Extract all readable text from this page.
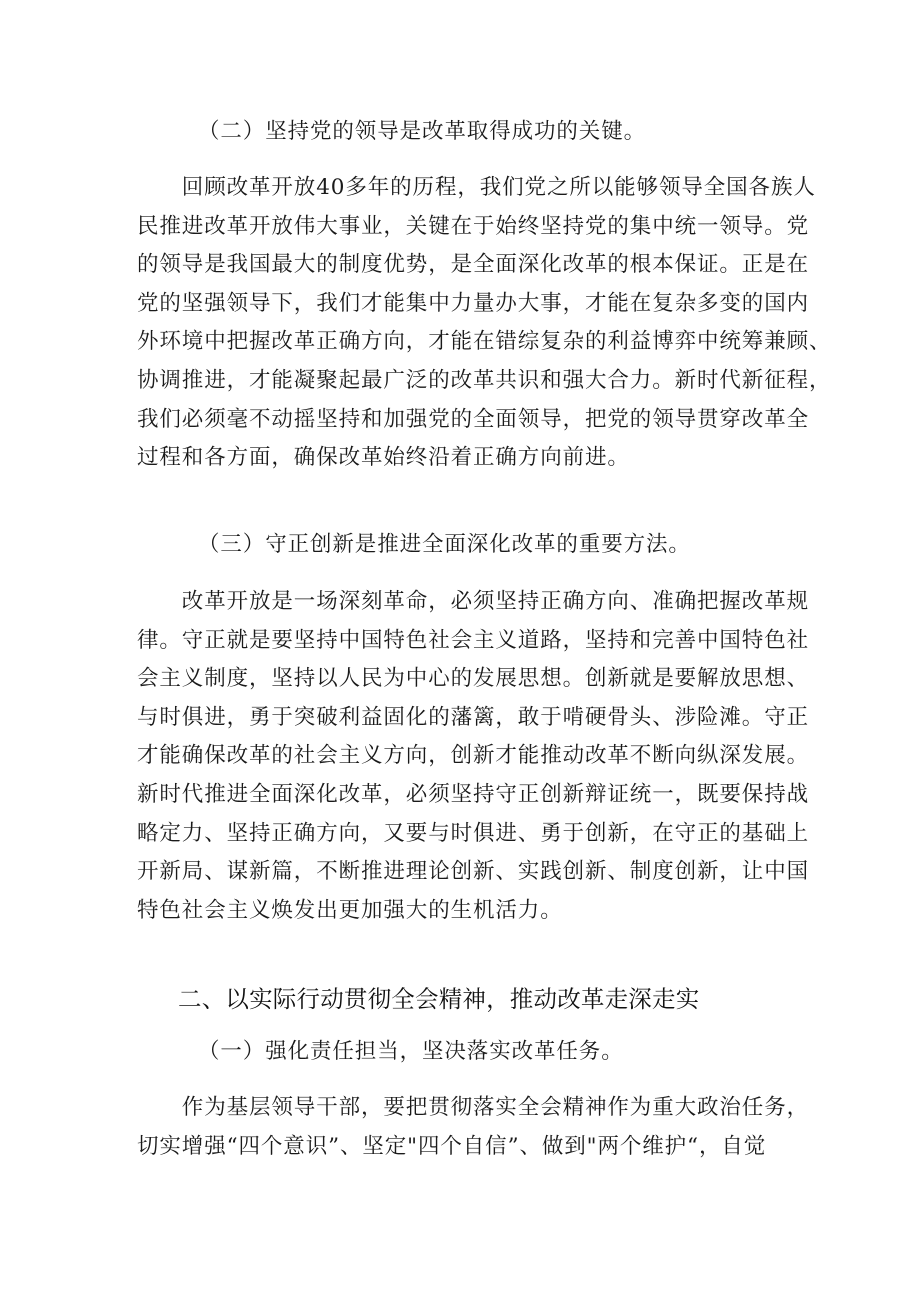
（二）坚持党的领导是改革取得成功的关键。

　　回顾改革开放40多年的历程，我们党之所以能够领导全国各族人
民推进改革开放伟大事业，关键在于始终坚持党的集中统一领导。党
的领导是我国最大的制度优势，是全面深化改革的根本保证。正是在
党的坚强领导下，我们才能集中力量办大事，才能在复杂多变的国内
外环境中把握改革正确方向，才能在错综复杂的利益博弈中统筹兼顾、
协调推进，才能凝聚起最广泛的改革共识和强大合力。新时代新征程，
我们必须毫不动摇坚持和加强党的全面领导，把党的领导贯穿改革全
过程和各方面，确保改革始终沿着正确方向前进。

（三）守正创新是推进全面深化改革的重要方法。

　　改革开放是一场深刻革命，必须坚持正确方向、准确把握改革规
律。守正就是要坚持中国特色社会主义道路，坚持和完善中国特色社
会主义制度，坚持以人民为中心的发展思想。创新就是要解放思想、
与时俱进，勇于突破利益固化的藩篱，敢于啃硬骨头、涉险滩。守正
才能确保改革的社会主义方向，创新才能推动改革不断向纵深发展。
新时代推进全面深化改革，必须坚持守正创新辩证统一，既要保持战
略定力、坚持正确方向，又要与时俱进、勇于创新，在守正的基础上
开新局、谋新篇，不断推进理论创新、实践创新、制度创新，让中国
特色社会主义焕发出更加强大的生机活力。

二、以实际行动贯彻全会精神，推动改革走深走实

（一）强化责任担当，坚决落实改革任务。

　　作为基层领导干部，要把贯彻落实全会精神作为重大政治任务，
切实增强“四个意识”、坚定"四个自信”、做到"两个维护“，自觉
